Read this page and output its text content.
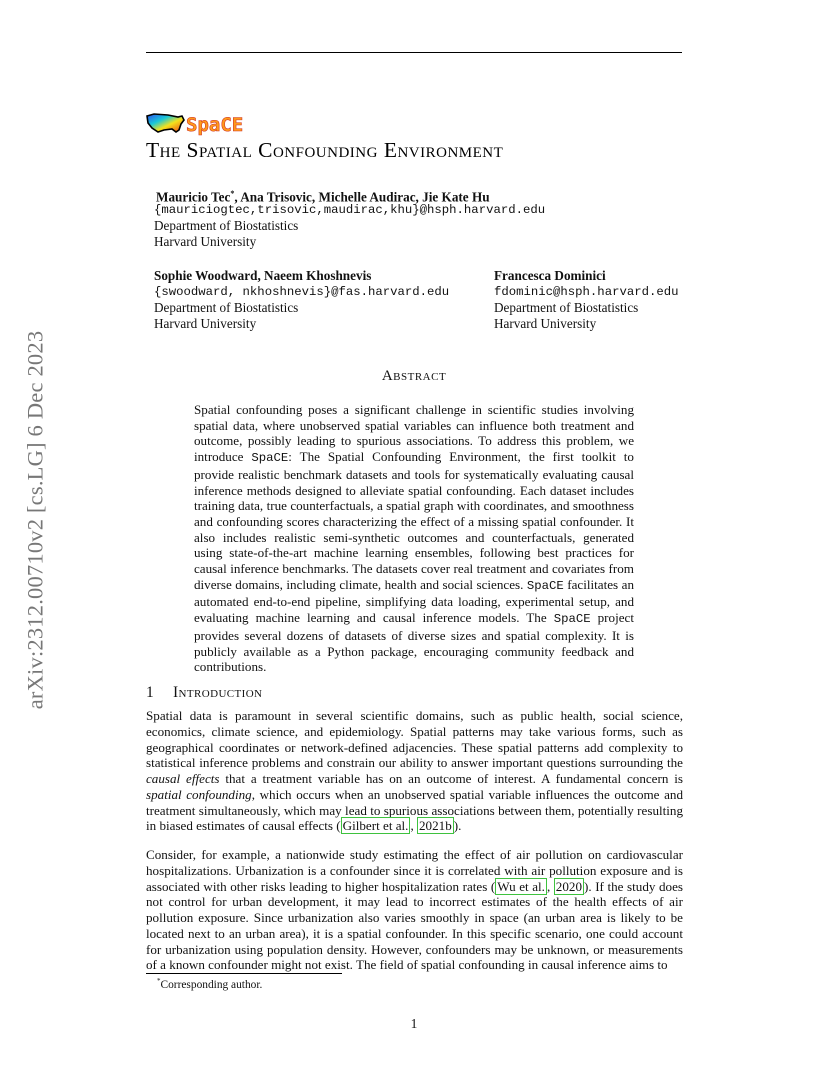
arXiv:2312.00710v2 [cs.LG] 6 Dec 2023
SpaCE
The Spatial Confounding Environment
Mauricio Tec*, Ana Trisovic, Michelle Audirac, Jie Kate Hu
{mauriciogtec,trisovic,maudirac,khu}@hsph.harvard.edu
Department of Biostatistics
Harvard University
Sophie Woodward, Naeem Khoshnevis
{swoodward, nkhoshnevis}@fas.harvard.edu
Department of Biostatistics
Harvard University
Francesca Dominici
fdominic@hsph.harvard.edu
Department of Biostatistics
Harvard University
Abstract
Spatial confounding poses a significant challenge in scientific studies involving spatial data, where unobserved spatial variables can influence both treatment and outcome, possibly leading to spurious associations. To address this problem, we introduce SpaCE: The Spatial Confounding Environment, the first toolkit to provide realistic benchmark datasets and tools for systematically evaluating causal inference methods designed to alleviate spatial confounding. Each dataset includes training data, true counterfactuals, a spatial graph with coordinates, and smoothness and confounding scores characterizing the effect of a missing spatial confounder. It also includes realistic semi-synthetic outcomes and counterfactuals, generated using state-of-the-art machine learning ensembles, following best practices for causal inference benchmarks. The datasets cover real treatment and covariates from diverse domains, including climate, health and social sciences. SpaCE facilitates an automated end-to-end pipeline, simplifying data loading, experimental setup, and evaluating machine learning and causal inference models. The SpaCE project provides several dozens of datasets of diverse sizes and spatial complexity. It is publicly available as a Python package, encouraging community feedback and contributions.
1 Introduction
Spatial data is paramount in several scientific domains, such as public health, social science, economics, climate science, and epidemiology. Spatial patterns may take various forms, such as geographical coordinates or network-defined adjacencies. These spatial patterns add complexity to statistical inference problems and constrain our ability to answer important questions surrounding the causal effects that a treatment variable has on an outcome of interest. A fundamental concern is spatial confounding, which occurs when an unobserved spatial variable influences the outcome and treatment simultaneously, which may lead to spurious associations between them, potentially resulting in biased estimates of causal effects ( Gilbert et al. , 2021b ).
Consider, for example, a nationwide study estimating the effect of air pollution on cardiovascular hospitalizations. Urbanization is a confounder since it is correlated with air pollution exposure and is associated with other risks leading to higher hospitalization rates ( Wu et al. , 2020 ). If the study does not control for urban development, it may lead to incorrect estimates of the health effects of air pollution exposure. Since urbanization also varies smoothly in space (an urban area is likely to be located next to an urban area), it is a spatial confounder. In this specific scenario, one could account for urbanization using population density. However, confounders may be unknown, or measurements of a known confounder might not exist. The field of spatial confounding in causal inference aims to
*Corresponding author.
1
